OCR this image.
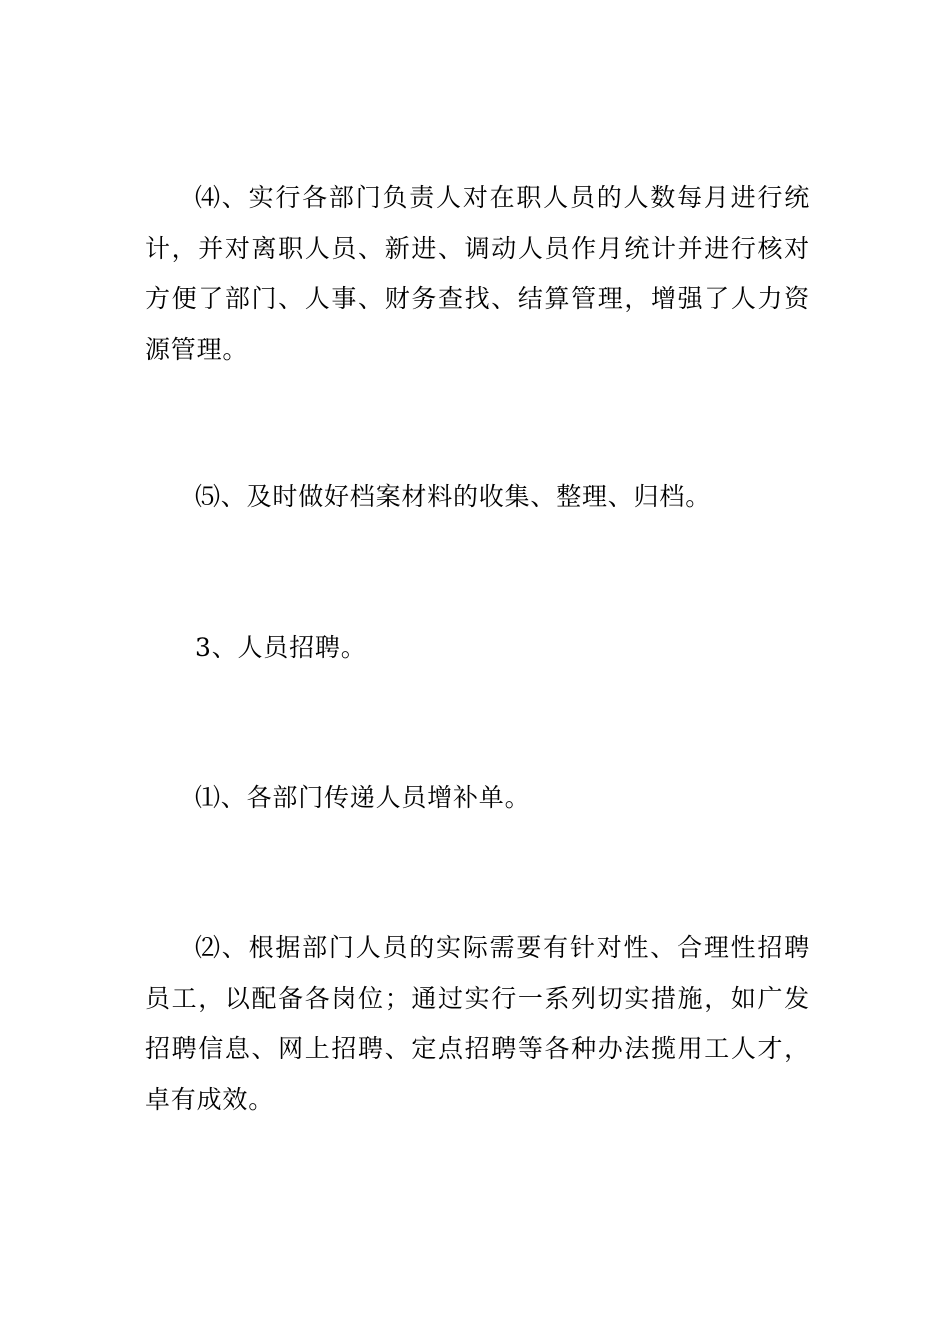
⑷、实行各部门负责人对在职人员的人数每月进行统计，并对离职人员、新进、调动人员作月统计并进行核对方便了部门、人事、财务查找、结算管理，增强了人力资源管理。

⑸、及时做好档案材料的收集、整理、归档。

3、人员招聘。

⑴、各部门传递人员增补单。

⑵、根据部门人员的实际需要有针对性、合理性招聘员工，以配备各岗位；通过实行一系列切实措施，如广发招聘信息、网上招聘、定点招聘等各种办法揽用工人才，卓有成效。
